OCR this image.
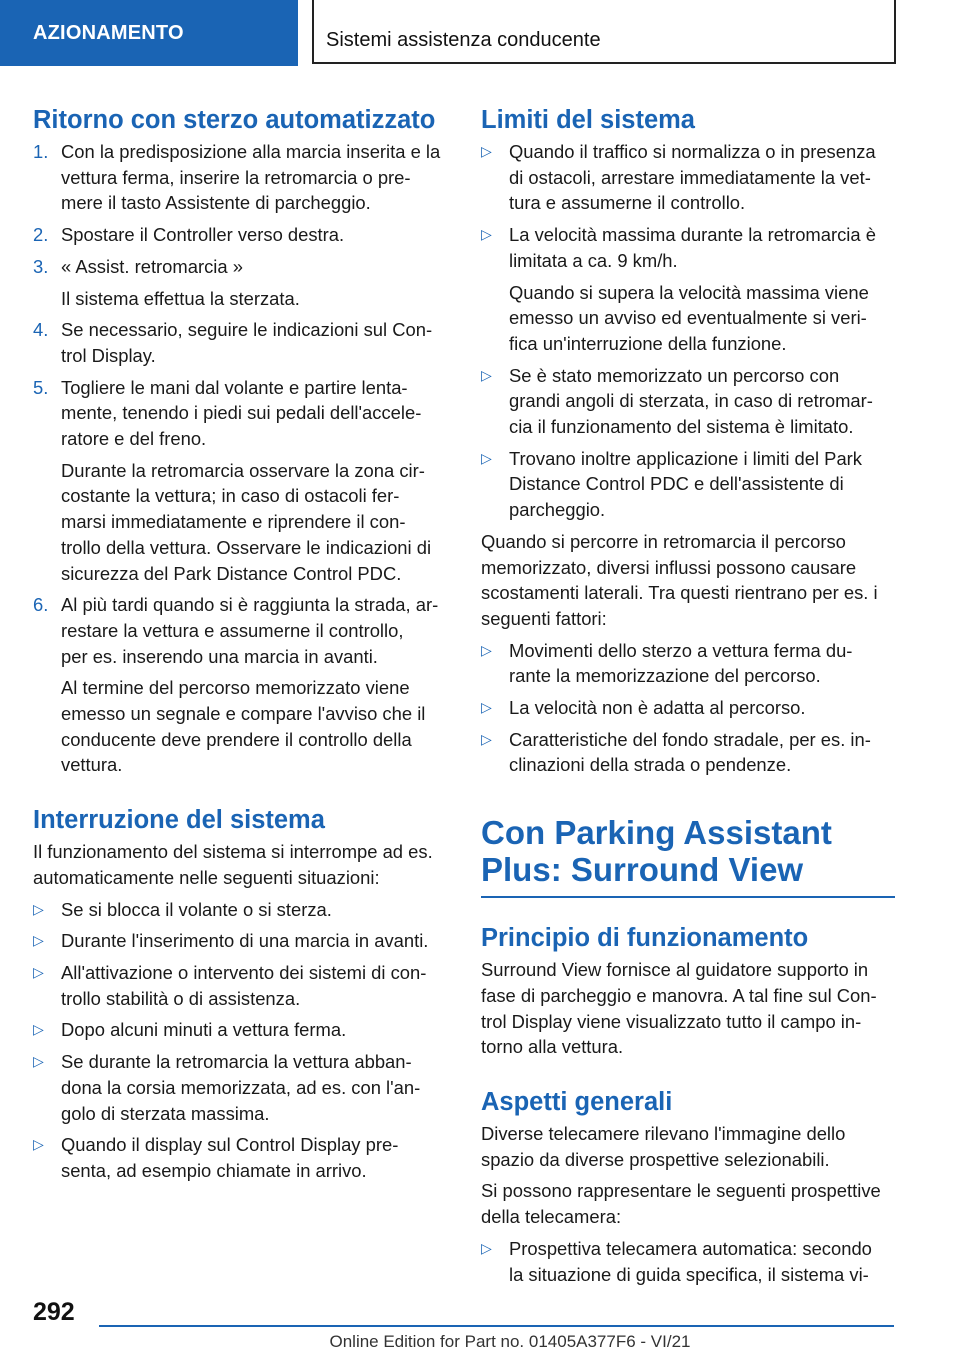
AZIONAMENTO	Sistemi assistenza conducente
Ritorno con sterzo automatizzato
1. Con la predisposizione alla marcia inserita e la
vettura ferma, inserire la retromarcia o pre-
mere il tasto Assistente di parcheggio.
2. Spostare il Controller verso destra.
3. « Assist. retromarcia »
Il sistema effettua la sterzata.
4. Se necessario, seguire le indicazioni sul Con-
trol Display.
5. Togliere le mani dal volante e partire lenta-
mente, tenendo i piedi sui pedali dell'accele-
ratore e del freno.
Durante la retromarcia osservare la zona cir-
costante la vettura; in caso di ostacoli fer-
marsi immediatamente e riprendere il con-
trollo della vettura. Osservare le indicazioni di
sicurezza del Park Distance Control PDC.
6. Al più tardi quando si è raggiunta la strada, ar-
restare la vettura e assumerne il controllo,
per es. inserendo una marcia in avanti.
Al termine del percorso memorizzato viene
emesso un segnale e compare l'avviso che il
conducente deve prendere il controllo della
vettura.
Interruzione del sistema
Il funzionamento del sistema si interrompe ad es.
automaticamente nelle seguenti situazioni:
▷ Se si blocca il volante o si sterza.
▷ Durante l'inserimento di una marcia in avanti.
▷ All'attivazione o intervento dei sistemi di con-
trollo stabilità o di assistenza.
▷ Dopo alcuni minuti a vettura ferma.
▷ Se durante la retromarcia la vettura abban-
dona la corsia memorizzata, ad es. con l'an-
golo di sterzata massima.
▷ Quando il display sul Control Display pre-
senta, ad esempio chiamate in arrivo.
Limiti del sistema
▷ Quando il traffico si normalizza o in presenza
di ostacoli, arrestare immediatamente la vet-
tura e assumerne il controllo.
▷ La velocità massima durante la retromarcia è
limitata a ca. 9 km/h.
Quando si supera la velocità massima viene
emesso un avviso ed eventualmente si veri-
fica un'interruzione della funzione.
▷ Se è stato memorizzato un percorso con
grandi angoli di sterzata, in caso di retromar-
cia il funzionamento del sistema è limitato.
▷ Trovano inoltre applicazione i limiti del Park
Distance Control PDC e dell'assistente di
parcheggio.
Quando si percorre in retromarcia il percorso
memorizzato, diversi influssi possono causare
scostamenti laterali. Tra questi rientrano per es. i
seguenti fattori:
▷ Movimenti dello sterzo a vettura ferma du-
rante la memorizzazione del percorso.
▷ La velocità non è adatta al percorso.
▷ Caratteristiche del fondo stradale, per es. in-
clinazioni della strada o pendenze.
Con Parking Assistant
Plus: Surround View
Principio di funzionamento
Surround View fornisce al guidatore supporto in
fase di parcheggio e manovra. A tal fine sul Con-
trol Display viene visualizzato tutto il campo in-
torno alla vettura.
Aspetti generali
Diverse telecamere rilevano l'immagine dello
spazio da diverse prospettive selezionabili.
Si possono rappresentare le seguenti prospettive
della telecamera:
▷ Prospettiva telecamera automatica: secondo
la situazione di guida specifica, il sistema vi-
292
Online Edition for Part no. 01405A377F6 - VI/21
